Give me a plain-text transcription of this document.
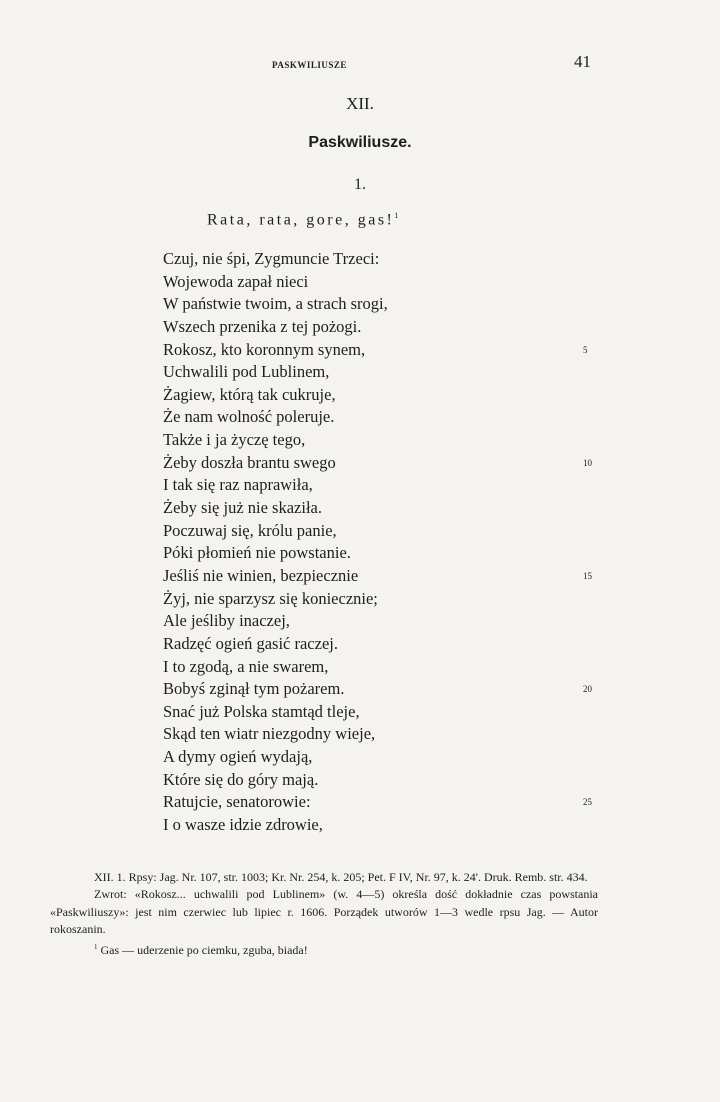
PASKWILIUSZE	41
XII.
Paskwiliusze.
1.
Rata, rata, gore, gas!$^1$
Czuj, nie śpi, Zygmuncie Trzeci:
Wojewoda zapał nieci
W państwie twoim, a strach srogi,
Wszech przenika z tej pożogi.
Rokosz, kto koronnym synem,	5
Uchwalili pod Lublinem,
Żagiew, którą tak cukruje,
Że nam wolność poleruje.
Także i ja życzę tego,
Żeby doszła brantu swego	10
I tak się raz naprawiła,
Żeby się już nie skaziła.
Poczuwaj się, królu panie,
Póki płomień nie powstanie.
Jeśliś nie winien, bezpiecznie	15
Żyj, nie sparzysz się koniecznie;
Ale jeśliby inaczej,
Radzęć ogień gasić raczej.
I to zgodą, a nie swarem,
Bobyś zginął tym pożarem.	20
Snać już Polska stamtąd tleje,
Skąd ten wiatr niezgodny wieje,
A dymy ogień wydają,
Które się do góry mają.
Ratujcie, senatorowie:	25
I o wasze idzie zdrowie,
XII. 1. Rpsy: Jag. Nr. 107, str. 1003; Kr. Nr. 254, k. 205; Pet. F IV, Nr. 97, k. 24'. Druk. Remb. str. 434.
Zwrot: «Rokosz... uchwalili pod Lublinem» (w. 4—5) określa dość dokładnie czas powstania «Paskwiliuszy»: jest nim czerwiec lub lipiec r. 1606. Porządek utworów 1—3 wedle rpsu Jag. — Autor rokoszanin.
$^1$ Gas — uderzenie po ciemku, zguba, biada!
